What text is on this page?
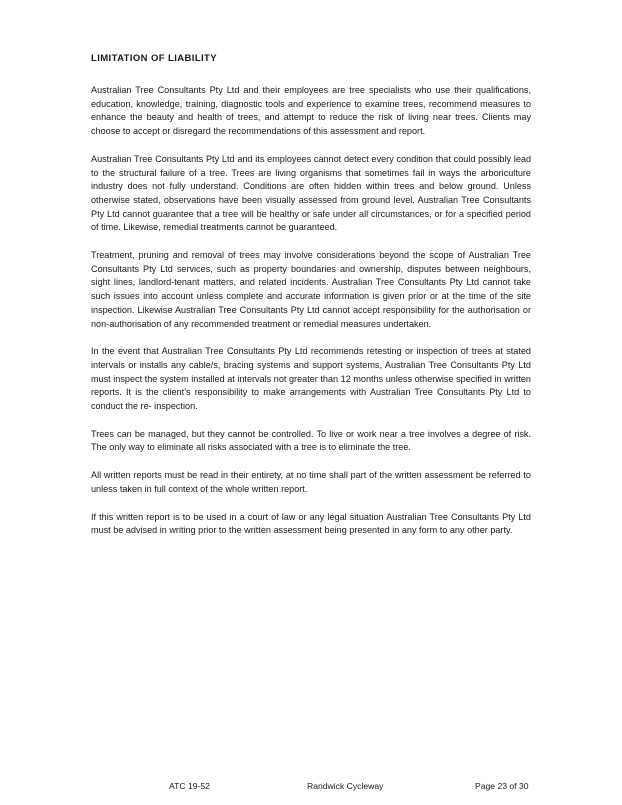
LIMITATION OF LIABILITY

Australian Tree Consultants Pty Ltd and their employees are tree specialists who use their qualifications, education, knowledge, training, diagnostic tools and experience to examine trees, recommend measures to enhance the beauty and health of trees, and attempt to reduce the risk of living near trees. Clients may choose to accept or disregard the recommendations of this assessment and report.

Australian Tree Consultants Pty Ltd and its employees cannot detect every condition that could possibly lead to the structural failure of a tree. Trees are living organisms that sometimes fail in ways the arboriculture industry does not fully understand. Conditions are often hidden within trees and below ground. Unless otherwise stated, observations have been visually assessed from ground level. Australian Tree Consultants Pty Ltd cannot guarantee that a tree will be healthy or safe under all circumstances, or for a specified period of time. Likewise, remedial treatments cannot be guaranteed.

Treatment, pruning and removal of trees may involve considerations beyond the scope of Australian Tree Consultants Pty Ltd services, such as property boundaries and ownership, disputes between neighbours, sight lines, landlord-tenant matters, and related incidents. Australian Tree Consultants Pty Ltd cannot take such issues into account unless complete and accurate information is given prior or at the time of the site inspection. Likewise Australian Tree Consultants Pty Ltd cannot accept responsibility for the authorisation or non-authorisation of any recommended treatment or remedial measures undertaken.

In the event that Australian Tree Consultants Pty Ltd recommends retesting or inspection of trees at stated intervals or installs any cable/s, bracing systems and support systems, Australian Tree Consultants Pty Ltd must inspect the system installed at intervals not greater than 12 months unless otherwise specified in written reports. It is the client’s responsibility to make arrangements with Australian Tree Consultants Pty Ltd to conduct the re- inspection.

Trees can be managed, but they cannot be controlled. To live or work near a tree involves a degree of risk. The only way to eliminate all risks associated with a tree is to eliminate the tree.

All written reports must be read in their entirety, at no time shall part of the written assessment be referred to unless taken in full context of the whole written report.

If this written report is to be used in a court of law or any legal situation Australian Tree Consultants Pty Ltd must be advised in writing prior to the written assessment being presented in any form to any other party.

ATC 19-52	Randwick Cycleway	Page 23 of 30
